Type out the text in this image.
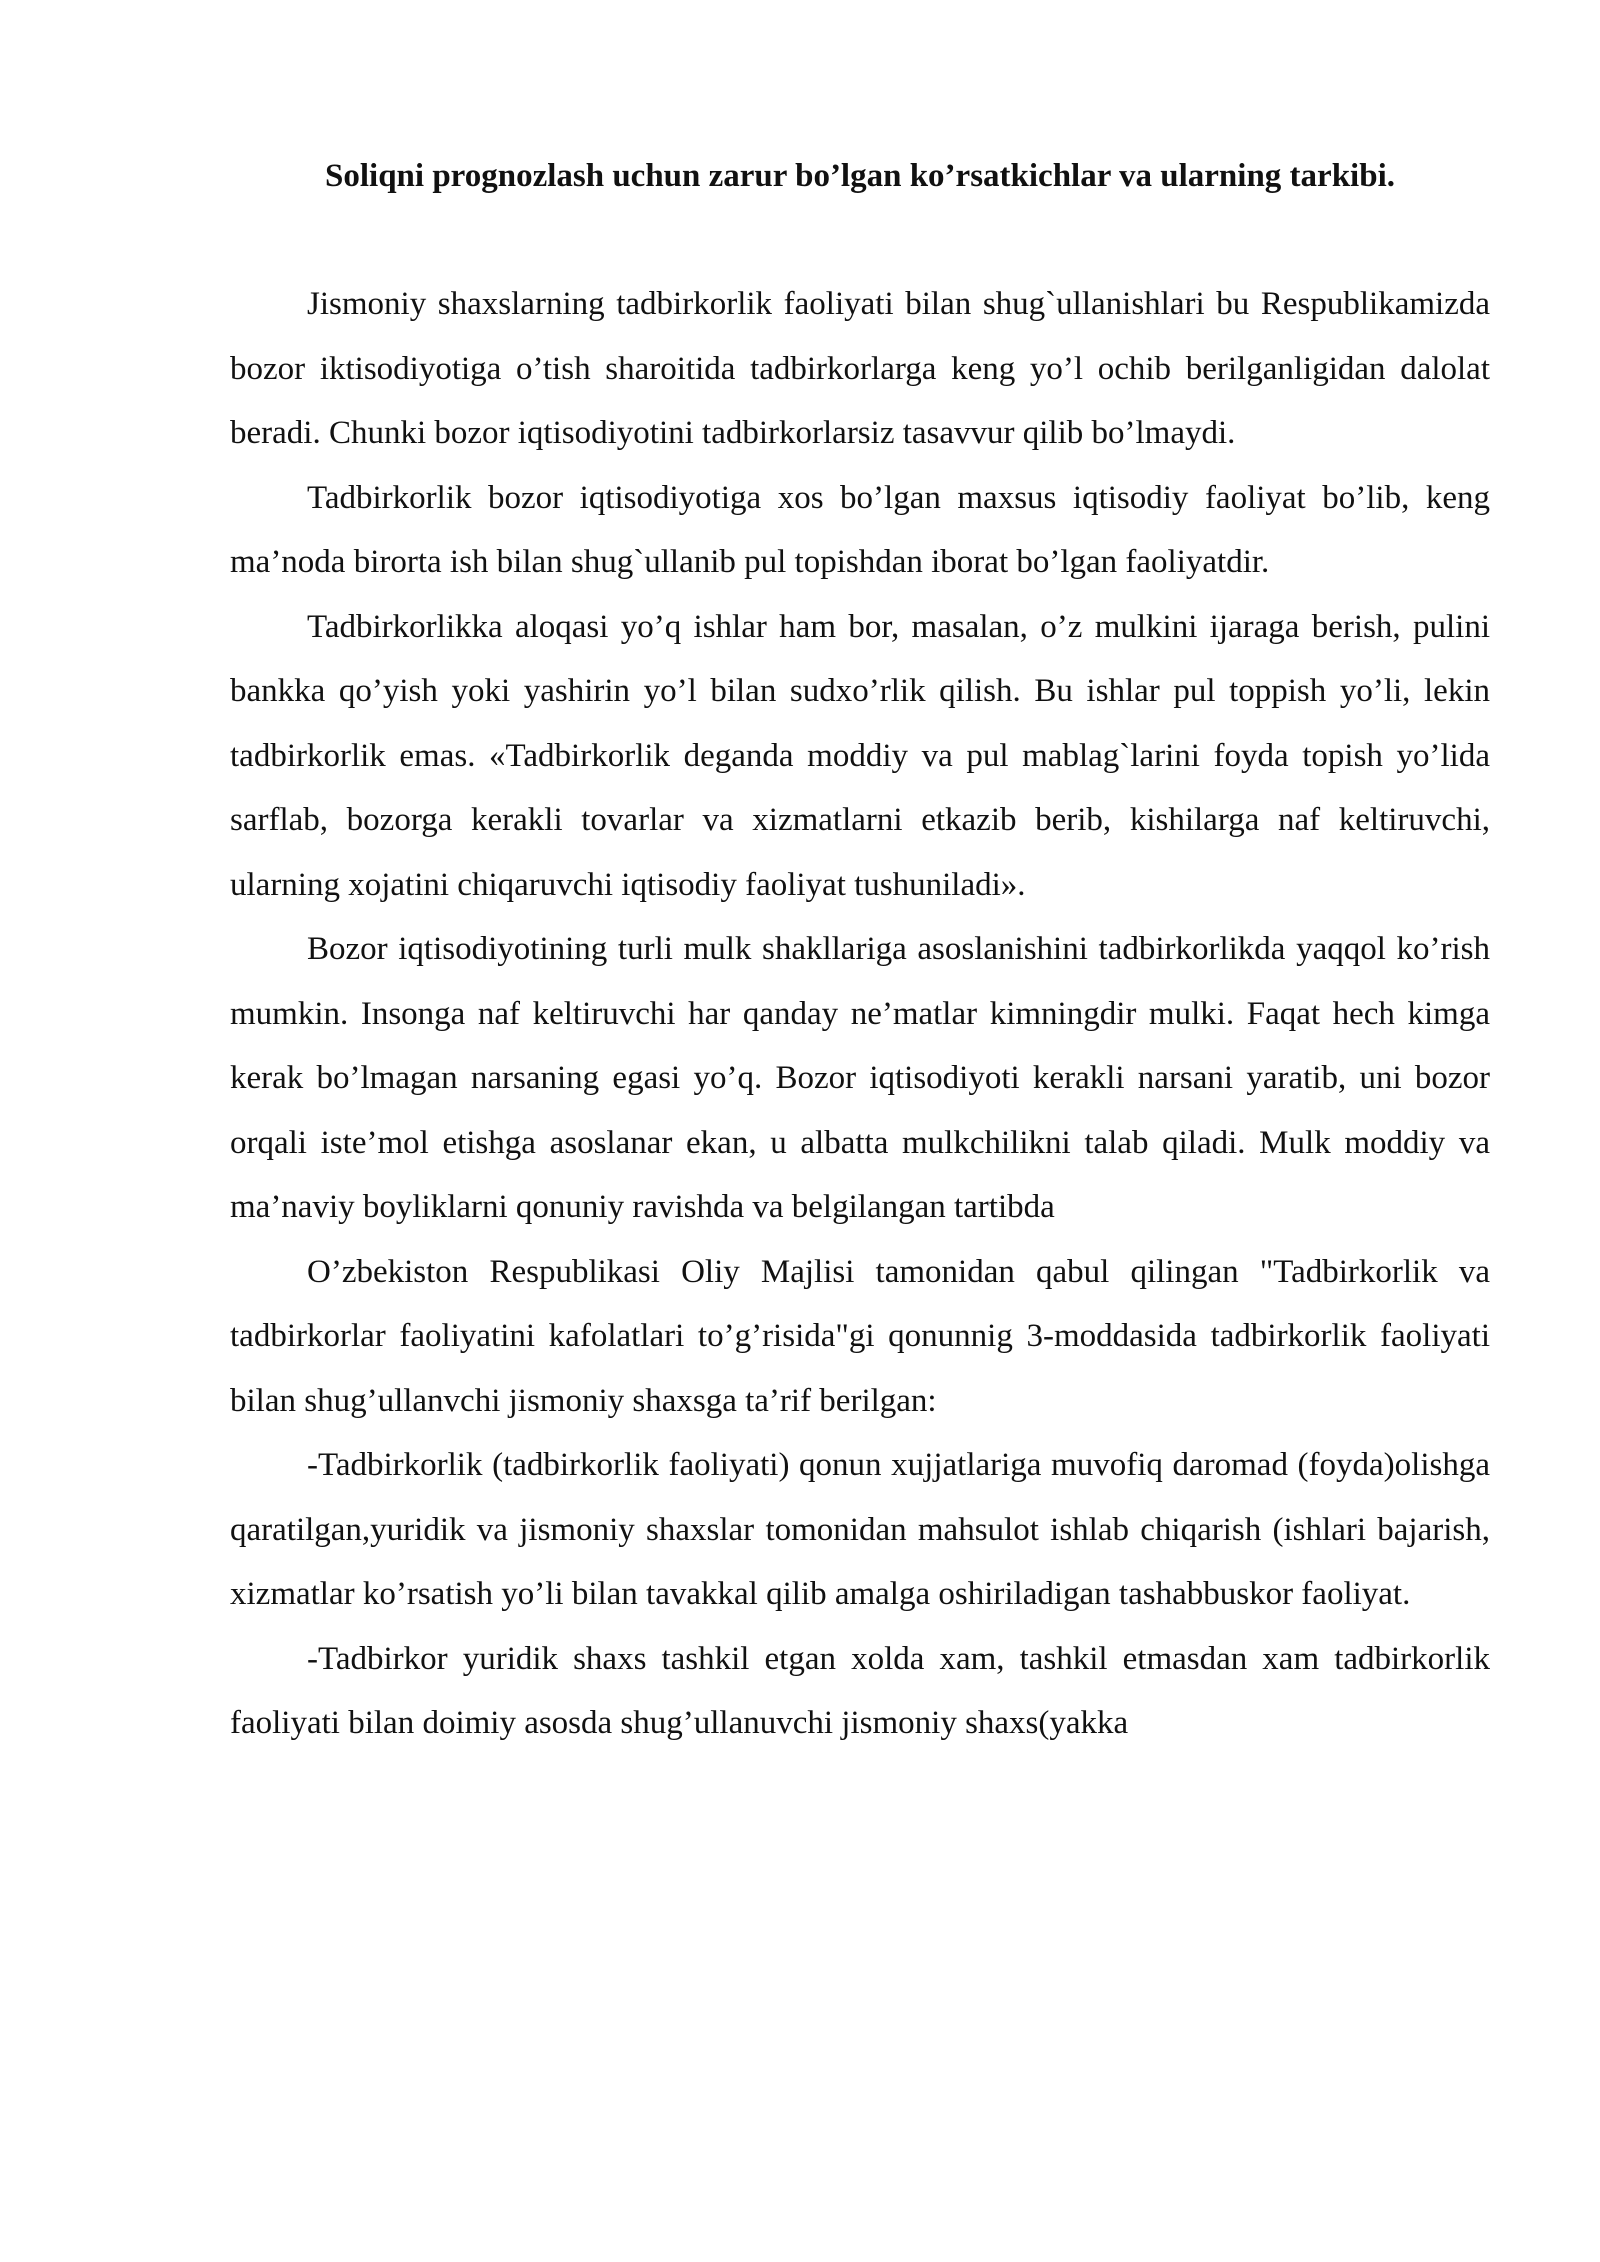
Soliqni prognozlash uchun zarur bo’lgan ko’rsatkichlar va ularning tarkibi.

Jismoniy shaxslarning tadbirkorlik faoliyati bilan shug`ullanishlari bu Respublikamizda bozor iktisodiyotiga o’tish sharoitida tadbirkorlarga keng yo’l ochib berilganligidan dalolat beradi. Chunki bozor iqtisodiyotini tadbirkorlarsiz tasavvur qilib bo’lmaydi.

Tadbirkorlik bozor iqtisodiyotiga xos bo’lgan maxsus iqtisodiy faoliyat bo’lib, keng ma’noda birorta ish bilan shug`ullanib pul topishdan iborat bo’lgan faoliyatdir.

Tadbirkorlikka aloqasi yo’q ishlar ham bor, masalan, o’z mulkini ijaraga berish, pulini bankka qo’yish yoki yashirin yo’l bilan sudxo’rlik qilish. Bu ishlar pul toppish yo’li, lekin tadbirkorlik emas. «Tadbirkorlik deganda moddiy va pul mablag`larini foyda topish yo’lida sarflab, bozorga kerakli tovarlar va xizmatlarni etkazib berib, kishilarga naf keltiruvchi, ularning xojatini chiqaruvchi iqtisodiy faoliyat tushuniladi».

Bozor iqtisodiyotining turli mulk shakllariga asoslanishini tadbirkorlikda yaqqol ko’rish mumkin. Insonga naf keltiruvchi har qanday ne’matlar kimningdir mulki. Faqat hech kimga kerak bo’lmagan narsaning egasi yo’q. Bozor iqtisodiyoti kerakli narsani yaratib, uni bozor orqali iste’mol etishga asoslanar ekan, u albatta mulkchilikni talab qiladi. Mulk moddiy va ma’naviy boyliklarni qonuniy ravishda va belgilangan tartibda

O’zbekiston Respublikasi Oliy Majlisi tamonidan qabul qilingan "Tadbirkorlik va tadbirkorlar faoliyatini kafolatlari to’g’risida"gi qonunnig 3-moddasida tadbirkorlik faoliyati bilan shug’ullanvchi jismoniy shaxsga ta’rif berilgan:

-Tadbirkorlik (tadbirkorlik faoliyati) qonun xujjatlariga muvofiq daromad (foyda)olishga qaratilgan,yuridik va jismoniy shaxslar tomonidan mahsulot ishlab chiqarish (ishlari bajarish, xizmatlar ko’rsatish yo’li bilan tavakkal qilib amalga oshiriladigan tashabbuskor faoliyat.

-Tadbirkor yuridik shaxs tashkil etgan xolda xam, tashkil etmasdan xam tadbirkorlik faoliyati bilan doimiy asosda shug’ullanuvchi jismoniy shaxs(yakka
